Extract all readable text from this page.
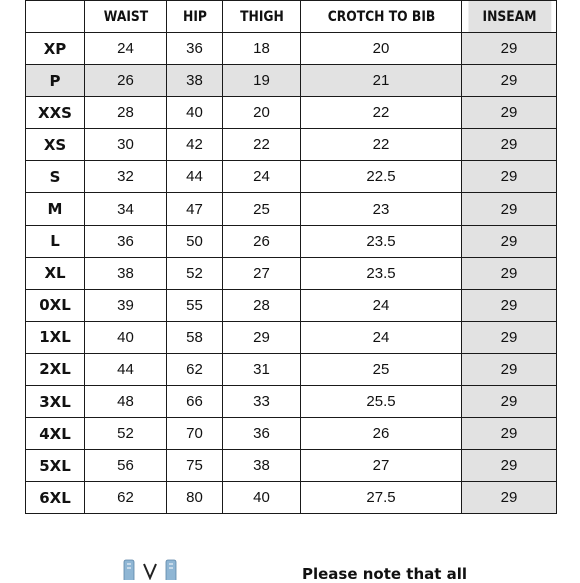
	WAIST	HIP	THIGH	CROTCH TO BIB	INSEAM
XP	24	36	18	20	29
P	26	38	19	21	29
XXS	28	40	20	22	29
XS	30	42	22	22	29
S	32	44	24	22.5	29
M	34	47	25	23	29
L	36	50	26	23.5	29
XL	38	52	27	23.5	29
0XL	39	55	28	24	29
1XL	40	58	29	24	29
2XL	44	62	31	25	29
3XL	48	66	33	25.5	29
4XL	52	70	36	26	29
5XL	56	75	38	27	29
6XL	62	80	40	27.5	29
Please note that all
